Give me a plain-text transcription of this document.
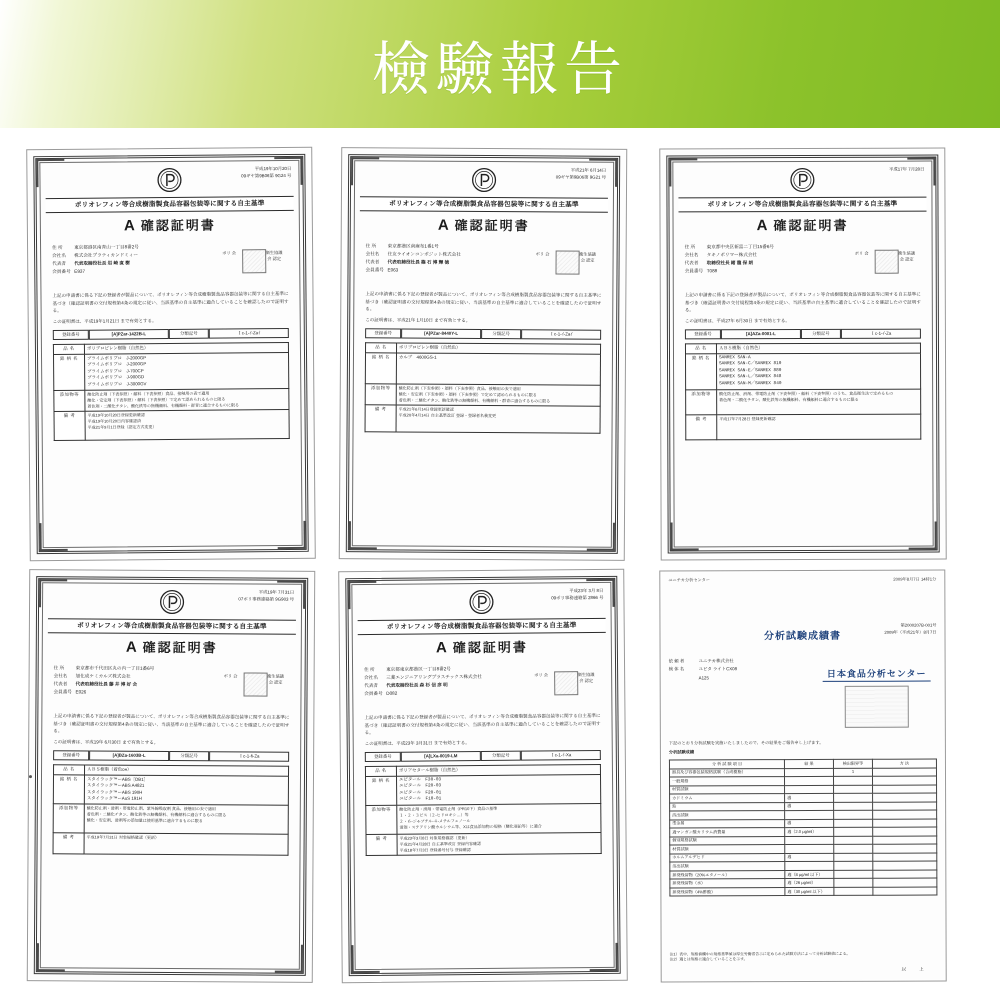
檢驗報告
平成19年10月20日
09ギヤ第9B06第 9G24 号
ポリオレフィン等合成樹脂製食品容器包装等に関する自主基準
A 確認証明書
住 所 東京都港区南青山一丁目8番2号
会社名 株式会社プラティカンドミィー
代表者 代表取締役社長 岩 崎 直 樹
会員番号 E937
ポリ 会	衛生協議会 認定
上記の申請書に係る下記の登録者が製品について、ポリオレフィン等合成樹脂製食品容器包装等に関する自主基準に基づき（確認証明書の交付規程第4条の規定に従い、当該基準の自主基準に適合していることを確認したので証明する。
この証明書は、平成19年1月21日 まで有効とする。
登録番号	[A]PZar-1422B-L	分類記号	Ｉc-1-ｲ-Zaｲ
品 名	ポリプロピレン樹脂（自然色）
銘 柄 名	プライムポリプロ　J-2000GP
プライムポリプロ　J-2000GP
プライムポリプロ　J-700CP
プライムポリプロ　J-900GD
プライムポリプロ　J-3000GV
添加物等	酸化防止剤（下表参照）・顔料（下表参照）食品、接触用の表で適用
酸化・安定剤（下表参照）・顔料（下表参照）で定めて認められるものに限る
着色剤・二酸化チタン、酸化鉄等の無機顔料、有機顔料・群青に適合するものに限る
備 考	平成19年10月20日登録更新確認
平成19年10月20日内容確認済
平成21年9月1日登録（認定方式変更）
平成21年 6月14日
09ギヤ第9B06第 9G21 号
ポリオレフィン等合成樹脂製食品容器包装等に関する自主基準
A 確認証明書
住 所	東京都港区南麻布1番1号
会社名 住友ライオンコンポジット株式会社
代表者 代表取締役社長 篠 石 博 輝 徳
会員番号 E063
ポリ 会	衛生協議会 認定
上記の申請書に係る下記の登録者が製品について、ポリオレフィン等合成樹脂製食品容器包装等に関する自主基準に基づき（確認証明書の交付規程第4条の規定に従い、当該基準の自主基準に適合していることを確認したので証明する。
この証明書は、平成21年 1月10日 まで有効とする。
登録番号	[A]PZar-8440Y-L	分類記号	Ｉc-1-ｲ-Zaｲ
品 名	ポリプロピレン樹脂（自然色）
銘 柄 名	カルプ　4600GS-1
添加物等	酸化防止剤（下表参照）・顔料（下表参照）食品、接触用の表で適用
酸化・安定剤（下表参照）・顔料（下表参照）で定めて認められるものに限る
着色剤・二酸化チタン、酸化鉄等の無機顔料、有機顔料・群青に適合するものに限る
備 考	平成21年6月14日登録更新確認
平成20年4月14日 自主基準改訂 登録・登録者名義変更
平成17年 7月28日
ポリオレフィン等合成樹脂製食品容器包装等に関する自主基準
A 確認証明書
住 所	東京都中央区新富二丁目15番6号
会社名 タキノポリマー株式会社
代表者 取締役社長 緒 龍 保 朗
会員番号 T088
ポリ 会	衛生協議会 認定
上記の申請書に係る下記の登録者が製品について、ポリオレフィン等合成樹脂製食品容器包装等に関する自主基準に基づき（確認証明書の交付規程第4条の規定に従い、当該基準の自主基準に適合していることを確認したので証明する。
この証明書は、平成27年 6月30日 まで有効とする。
登録番号	[A]AZa-0001-L	分類記号	Ｉc-1-ｲ-Za
品 名	ＡＢＳ樹脂（自然色）
銘 柄 名	SANREX SAN-A
SANREX SAN-C／SANREX 810
SANREX SAN-E／SANREX 880
SANREX SAN-L／SANREX 848
SANREX SAN-M／SANREX 840
添加物等	酸化防止剤、滑剤、帯電防止剤（下表参照）・顔料（下表参照）のうち、食品衛生法で定めるもの
着色剤・二酸化チタン、酸化鉄等の無機顔料、有機顔料に適合するものに限る
備 考	平成17年7月28日 登録更新確認
平成19年 7月31日
07ポリ事務連絡第 9G903 号
ポリオレフィン等合成樹脂製食品容器包装等に関する自主基準
A 確認証明書
住 所	東京都市千代田区丸の内一丁目1番6号
会社名 旭化成ケミカルズ株式会社
代表者 代表取締役社長 藤 井 博 好 会
会員番号 E026
ポリ 会	衛生協議会 認定
上記の申請書に係る下記の登録者が製品について、ポリオレフィン等合成樹脂製食品容器包装等に関する自主基準に基づき（確認証明書の交付規程第4条の規定に従い、当該基準の自主基準に適合していることを確認したので証明する。
この証明書は、平成19年 6月30日 まで有効とする。
登録番号	[A]BZa-1603B-L	分類記号	Ｉc-1-ﬁ-Za
品 名	ＡＢＳ樹脂（着色он）
銘 柄 名	スタイラック™ーABS［DB1］
スタイラック™ーABS A4821
スタイラック™ーABS 190H
スタイラック™ーAuS 191H
添加物等	酸化防止剤・滑剤・帯電防止剤、紫外線吸収剤 食品、接触用の表で適用
着色剤・二酸化チタン、酸化鉄等の無機顔料、有機顔料に適合するものに限る
酸化・安定剤、滑剤等の添加量は使用基準に適合するものに限る
備 考	平成19年7月31日 対象規格確認（更新）
平成23年 3月 8日
09ポリ事務連絡第 2866 号
ポリオレフィン等合成樹脂製食品容器包装等に関する自主基準
A 確認証明書
住 所 東京都東京都港区一丁目8番2号
会社名 三菱エンジニアリングプラスチックス株式会社
代表者 代表取締役社長 森 杉 信 彦 明
会員番号 D082
ポリ 会	衛生協議会 認定
上記の申請書に係る下記の登録者が製品について、ポリオレフィン等合成樹脂製食品容器包装等に関する自主基準に基づき（確認証明書の交付規程第4条の規定に従い、当該基準の自主基準に適合していることを確認したので証明する。
この証明書は、平成23年 3月31日 まで有効とする。
登録番号	[A]LXa-0019-LM	分類記号	Ｉc-1-ｲ-Xa
品 名	ポリアセタール樹脂（自然色）
銘 柄 名	ユピタール　F30-03
ユピタール　F20-03
ユピタール　F20-01
ユピタール　F10-01
添加物等	酸化防止剤・滑剤・帯電防止剤（PR10下）食品の基準
１・２・３ビス（２-ヒドロキシ…）等
２・６-ジ-t-ブチル-４-メチルフェノール
滑剤・ステアリン酸カルシウム等、Xは食品添加物の規格（酸化亜鉛等）に適合
備 考	平成23年3月8日 対象規格確認（更新）
平成21年4月28日 自主基準改訂 登録内容確認
平成18年7月3日 登録番号付与 登録確認
ユニチカ分析センター	2009年8月7日 14時1分
第2000207B-001号
2009年（平成21年）8月7日
分析試験成績書
依 頼 者	ユニチカ株式会社
検 体 名	ユピタ ライトCX08
A125	日本食品分析センター
下記のとおり分析試験を実施いたしましたので、その結果をご報告申し上げます。
分析試験成績
分 析 試 験 項 目	結 果	検出限界等	方 法
器具及び容器包装規格試験（合成樹脂）		1	
一般規格			
材質試験			
カドミウム	適		
鉛	適		
溶出試験			
重金属	適		
過マンガン酸カリウム消費量	適（2.0 μg/ml）		
個別規格試験			
材質試験			
ホルムアルデヒド	適		
溶出試験			
蒸発残留物（20%エタノール）	適（8 μg/ml 以下）		
蒸発残留物（水）	適（26 μg/ml）		
蒸発残留物（4%酢酸）	適（30 μg/ml 以下）		
注1）表中、規格値欄中の規格基準値は厚生労働省告示に定められた試験方法によって分析試験値による。
注2）適とは規格に適合していることを示す。
以 上
